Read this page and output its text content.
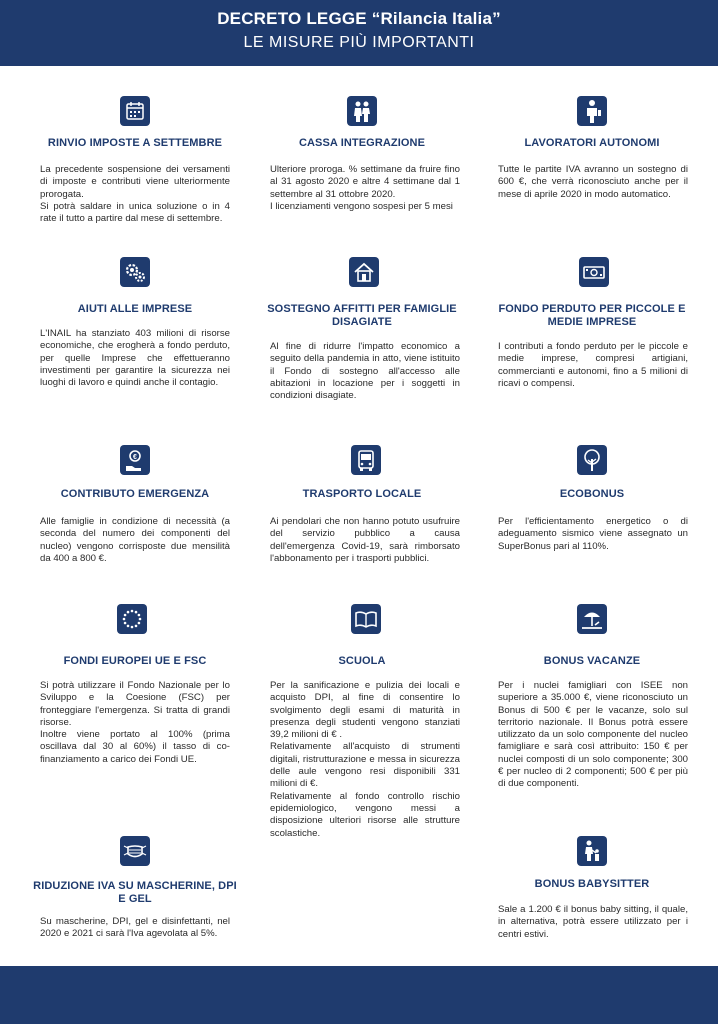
DECRETO LEGGE “Rilancia Italia”
LE MISURE PIÙ IMPORTANTI
RINVIO IMPOSTE A SETTEMBRE
La precedente sospensione dei versamenti di imposte e contributi viene ulteriormente prorogata.
Si potrà saldare in unica soluzione o in 4 rate il tutto a partire dal mese di settembre.
CASSA INTEGRAZIONE
Ulteriore proroga. % settimane da fruire fino al 31 agosto 2020 e altre 4 settimane dal 1 settembre al 31 ottobre 2020.
I licenziamenti vengono sospesi per 5 mesi
LAVORATORI AUTONOMI
Tutte le partite IVA avranno un sostegno di 600 €, che verrà riconosciuto anche per il mese di aprile 2020 in modo automatico.
AIUTI ALLE IMPRESE
L'INAIL ha stanziato 403 milioni di risorse economiche, che erogherà a fondo perduto, per quelle Imprese che effettueranno investimenti per garantire la sicurezza nei luoghi di lavoro e quindi anche il contagio.
SOSTEGNO AFFITTI PER FAMIGLIE DISAGIATE
Al fine di ridurre l'impatto economico a seguito della pandemia in atto, viene istituito il Fondo di sostegno all'accesso alle abitazioni in locazione per i soggetti in condizioni disagiate.
FONDO PERDUTO PER PICCOLE E MEDIE IMPRESE
I contributi a fondo perduto per le piccole e medie imprese, compresi artigiani, commercianti e autonomi, fino a 5 milioni di ricavi o compensi.
€
CONTRIBUTO EMERGENZA
Alle famiglie in condizione di necessità (a seconda del numero dei componenti del nucleo) vengono corrisposte due mensilità da 400 a 800 €.
TRASPORTO LOCALE
Ai pendolari che non hanno potuto usufruire del servizio pubblico a causa dell'emergenza Covid-19, sarà rimborsato l'abbonamento per i trasporti pubblici.
ECOBONUS
Per l'efficientamento energetico o di adeguamento sismico viene assegnato un SuperBonus pari al 110%.
FONDI EUROPEI UE E FSC
Si potrà utilizzare il Fondo Nazionale per lo Sviluppo e la Coesione (FSC) per fronteggiare l'emergenza. Si tratta di grandi risorse.
Inoltre viene portato al 100% (prima oscillava dal 30 al 60%) il tasso di co-finanziamento a carico dei Fondi UE.
SCUOLA
Per la sanificazione e pulizia dei locali e acquisto DPI, al fine di consentire lo svolgimento degli esami di maturità in presenza degli studenti vengono stanziati 39,2 milioni di € .
Relativamente all'acquisto di strumenti digitali, ristrutturazione e messa in sicurezza delle aule vengono resi disponibili 331 milioni di €.
Relativamente al fondo controllo rischio epidemiologico, vengono messi a disposizione ulteriori risorse alle strutture scolastiche.
BONUS VACANZE
Per i nuclei famigliari con ISEE non superiore a 35.000 €, viene riconosciuto un Bonus di 500 € per le vacanze, solo sul territorio nazionale. Il Bonus potrà essere utilizzato da un solo componente del nucleo famigliare e sarà così attribuito: 150 € per nuclei composti di un solo componente; 300 € per nucleo di 2 componenti; 500 € per più di due componenti.
RIDUZIONE IVA SU MASCHERINE, DPI E GEL
Su mascherine, DPI, gel e disinfettanti, nel 2020 e 2021 ci sarà l'Iva agevolata al 5%.
BONUS BABYSITTER
Sale a 1.200 € il bonus baby sitting, il quale, in alternativa, potrà essere utilizzato per i centri estivi.
